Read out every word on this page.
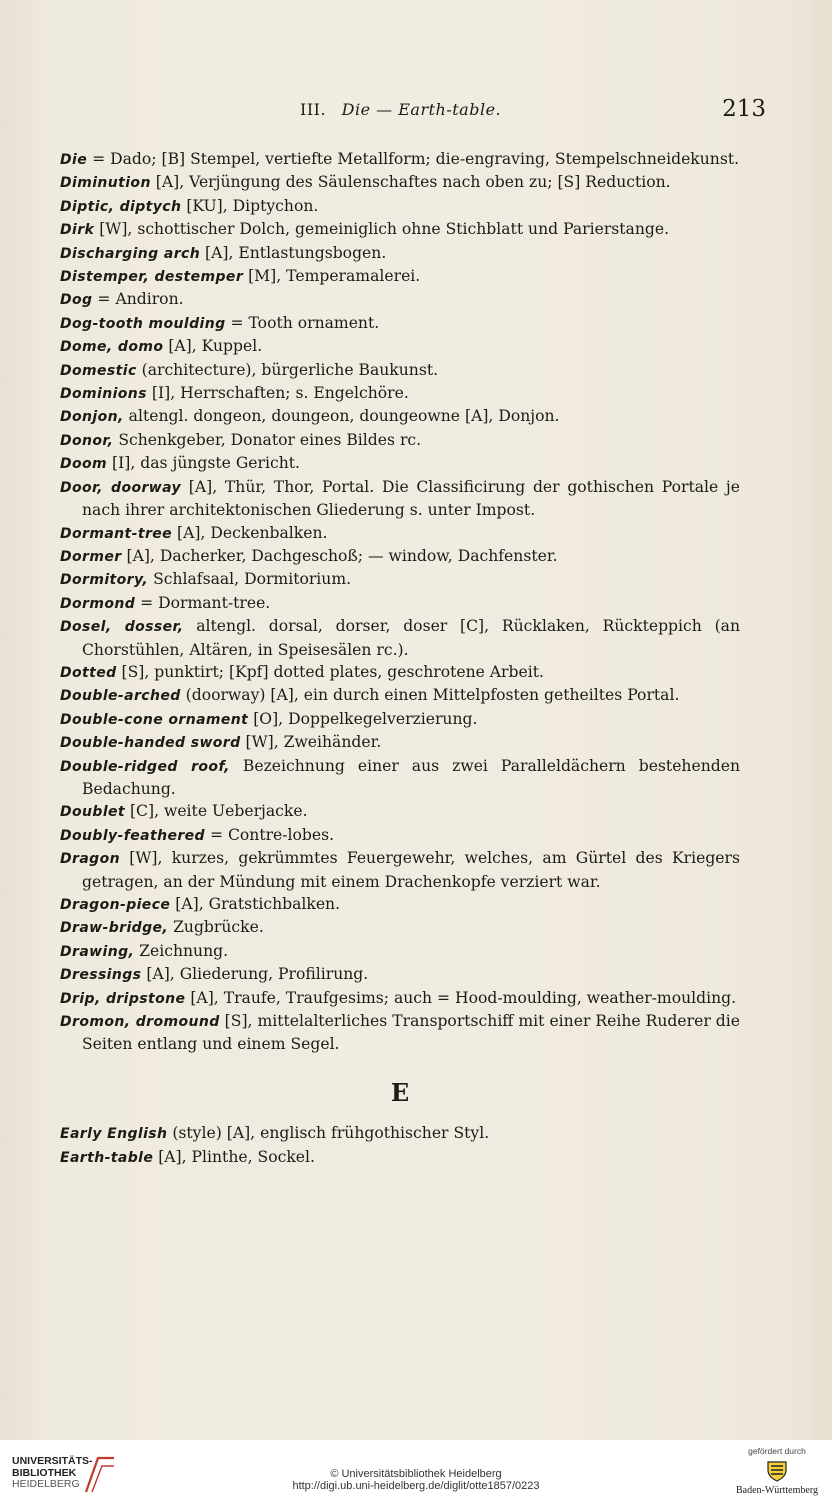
III. Die — Earth-table.	213
Die = Dado; [B] Stempel, vertiefte Metallform; die-engraving, Stempelschneidekunst.
Diminution [A], Verjüngung des Säulenschaftes nach oben zu; [S] Reduction.
Diptic, diptych [KU], Diptychon.
Dirk [W], schottischer Dolch, gemeiniglich ohne Stichblatt und Parierstange.
Discharging arch [A], Entlastungsbogen.
Distemper, destemper [M], Temperamalerei.
Dog = Andiron.
Dog-tooth moulding = Tooth ornament.
Dome, domo [A], Kuppel.
Domestic (architecture), bürgerliche Baukunst.
Dominions [I], Herrschaften; s. Engelchöre.
Donjon, altengl. dongeon, doungeon, doungeowne [A], Donjon.
Donor, Schenkgeber, Donator eines Bildes rc.
Doom [I], das jüngste Gericht.
Door, doorway [A], Thür, Thor, Portal. Die Classificirung der gothischen Portale je nach ihrer architektonischen Gliederung s. unter Impost.
Dormant-tree [A], Deckenbalken.
Dormer [A], Dacherker, Dachgeschoß; — window, Dachfenster.
Dormitory, Schlafsaal, Dormitorium.
Dormond = Dormant-tree.
Dosel, dosser, altengl. dorsal, dorser, doser [C], Rücklaken, Rückteppich (an Chorstühlen, Altären, in Speisesälen rc.).
Dotted [S], punktirt; [Kpf] dotted plates, geschrotene Arbeit.
Double-arched (doorway) [A], ein durch einen Mittelpfosten getheiltes Portal.
Double-cone ornament [O], Doppelkegelverzierung.
Double-handed sword [W], Zweihänder.
Double-ridged roof, Bezeichnung einer aus zwei Paralleldächern bestehenden Bedachung.
Doublet [C], weite Ueberjacke.
Doubly-feathered = Contre-lobes.
Dragon [W], kurzes, gekrümmtes Feuergewehr, welches, am Gürtel des Kriegers getragen, an der Mündung mit einem Drachenkopfe verziert war.
Dragon-piece [A], Gratstichbalken.
Draw-bridge, Zugbrücke.
Drawing, Zeichnung.
Dressings [A], Gliederung, Profilirung.
Drip, dripstone [A], Traufe, Traufgesims; auch = Hood-moulding, weather-moulding.
Dromon, dromound [S], mittelalterliches Transportschiff mit einer Reihe Ruderer die Seiten entlang und einem Segel.
E
Early English (style) [A], englisch frühgothischer Styl.
Earth-table [A], Plinthe, Sockel.
UNIVERSITÄTS-
BIBLIOTHEK
HEIDELBERG
© Universitätsbibliothek Heidelberg
http://digi.ub.uni-heidelberg.de/diglit/otte1857/0223
gefördert durch
Baden-Württemberg
